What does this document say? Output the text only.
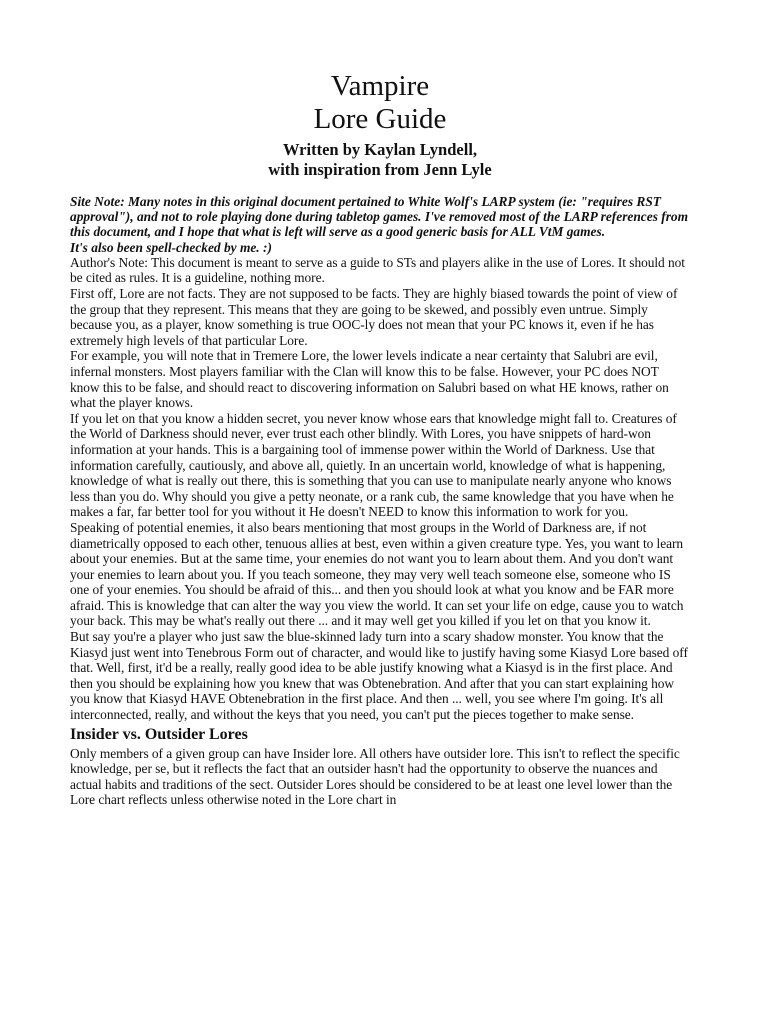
Vampire
Lore Guide
Written by Kaylan Lyndell,
with inspiration from Jenn Lyle
Site Note: Many notes in this original document pertained to White Wolf's LARP system (ie: "requires RST approval"), and not to role playing done during tabletop games. I've removed most of the LARP references from this document, and I hope that what is left will serve as a good generic basis for ALL VtM games.
It's also been spell-checked by me. :)

Author's Note: This document is meant to serve as a guide to STs and players alike in the use of Lores. It should not be cited as rules. It is a guideline, nothing more.

First off, Lore are not facts. They are not supposed to be facts. They are highly biased towards the point of view of the group that they represent. This means that they are going to be skewed, and possibly even untrue. Simply because you, as a player, know something is true OOC-ly does not mean that your PC knows it, even if he has extremely high levels of that particular Lore.

For example, you will note that in Tremere Lore, the lower levels indicate a near certainty that Salubri are evil, infernal monsters. Most players familiar with the Clan will know this to be false. However, your PC does NOT know this to be false, and should react to discovering information on Salubri based on what HE knows, rather on what the player knows.

If you let on that you know a hidden secret, you never know whose ears that knowledge might fall to. Creatures of the World of Darkness should never, ever trust each other blindly. With Lores, you have snippets of hard-won information at your hands. This is a bargaining tool of immense power within the World of Darkness. Use that information carefully, cautiously, and above all, quietly. In an uncertain world, knowledge of what is happening, knowledge of what is really out there, this is something that you can use to manipulate nearly anyone who knows less than you do. Why should you give a petty neonate, or a rank cub, the same knowledge that you have when he makes a far, far better tool for you without it He doesn't NEED to know this information to work for you.

Speaking of potential enemies, it also bears mentioning that most groups in the World of Darkness are, if not diametrically opposed to each other, tenuous allies at best, even within a given creature type. Yes, you want to learn about your enemies. But at the same time, your enemies do not want you to learn about them. And you don't want your enemies to learn about you. If you teach someone, they may very well teach someone else, someone who IS one of your enemies. You should be afraid of this... and then you should look at what you know and be FAR more afraid. This is knowledge that can alter the way you view the world. It can set your life on edge, cause you to watch your back. This may be what's really out there ... and it may well get you killed if you let on that you know it.

But say you're a player who just saw the blue-skinned lady turn into a scary shadow monster. You know that the Kiasyd just went into Tenebrous Form out of character, and would like to justify having some Kiasyd Lore based off that. Well, first, it'd be a really, really good idea to be able justify knowing what a Kiasyd is in the first place. And then you should be explaining how you knew that was Obtenebration. And after that you can start explaining how you know that Kiasyd HAVE Obtenebration in the first place. And then ... well, you see where I'm going. It's all interconnected, really, and without the keys that you need, you can't put the pieces together to make sense.

Insider vs. Outsider Lores

Only members of a given group can have Insider lore. All others have outsider lore. This isn't to reflect the specific knowledge, per se, but it reflects the fact that an outsider hasn't had the opportunity to observe the nuances and actual habits and traditions of the sect. Outsider Lores should be considered to be at least one level lower than the Lore chart reflects unless otherwise noted in the Lore chart in
